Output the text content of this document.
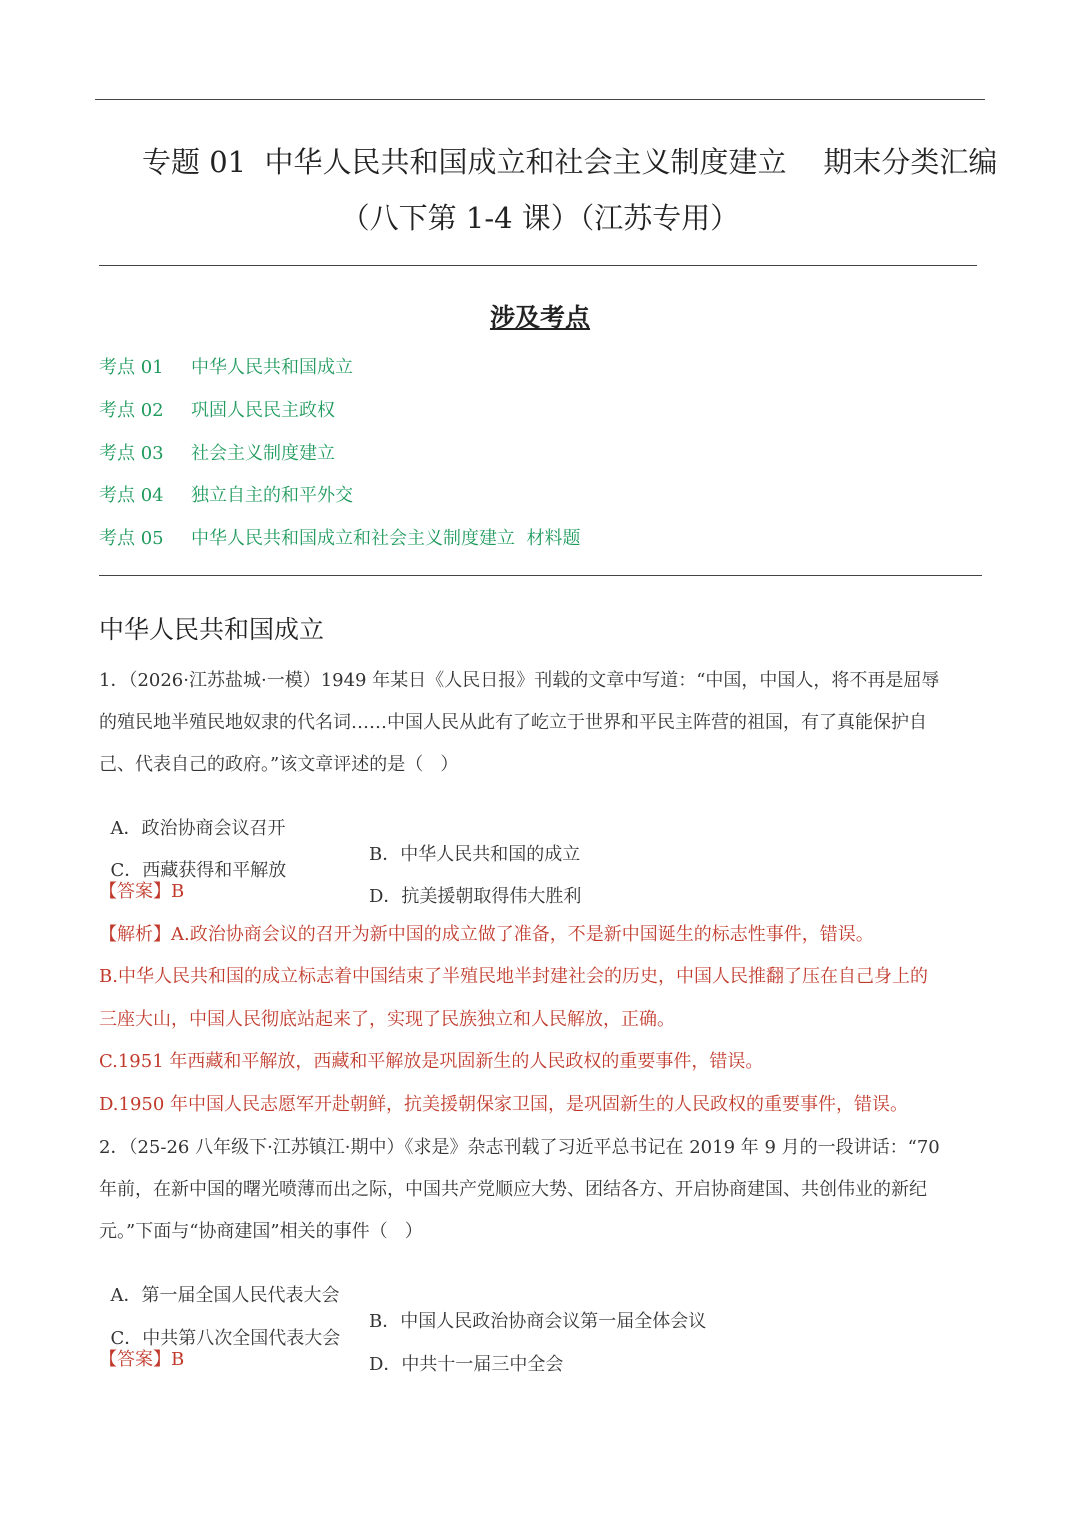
专题 01  中华人民共和国成立和社会主义制度建立    期末分类汇编
（八下第 1-4 课）（江苏专用）
涉及考点
考点 01 中华人民共和国成立
考点 02 巩固人民民主政权
考点 03 社会主义制度建立
考点 04 独立自主的和平外交
考点 05 中华人民共和国成立和社会主义制度建立  材料题
中华人民共和国成立
1．（2026·江苏盐城·一模）1949 年某日《人民日报》刊载的文章中写道：“中国，中国人，将不再是屈辱
的殖民地半殖民地奴隶的代名词……中国人民从此有了屹立于世界和平民主阵营的祖国，有了真能保护自
己、代表自己的政府。”该文章评述的是（   ）

A．政治协商会议召开

B．中华人民共和国的成立

C．西藏获得和平解放

D．抗美援朝取得伟大胜利

【答案】B
【解析】A.政治协商会议的召开为新中国的成立做了准备，不是新中国诞生的标志性事件，错误。
B.中华人民共和国的成立标志着中国结束了半殖民地半封建社会的历史，中国人民推翻了压在自己身上的
三座大山，中国人民彻底站起来了，实现了民族独立和人民解放，正确。
C.1951 年西藏和平解放，西藏和平解放是巩固新生的人民政权的重要事件，错误。
D.1950 年中国人民志愿军开赴朝鲜，抗美援朝保家卫国，是巩固新生的人民政权的重要事件，错误。
2．（25-26 八年级下·江苏镇江·期中）《求是》杂志刊载了习近平总书记在 2019 年 9 月的一段讲话：“70
年前，在新中国的曙光喷薄而出之际，中国共产党顺应大势、团结各方、开启协商建国、共创伟业的新纪
元。”下面与“协商建国”相关的事件（   ）

A．第一届全国人民代表大会

B．中国人民政治协商会议第一届全体会议

C．中共第八次全国代表大会

D．中共十一届三中全会

【答案】B
